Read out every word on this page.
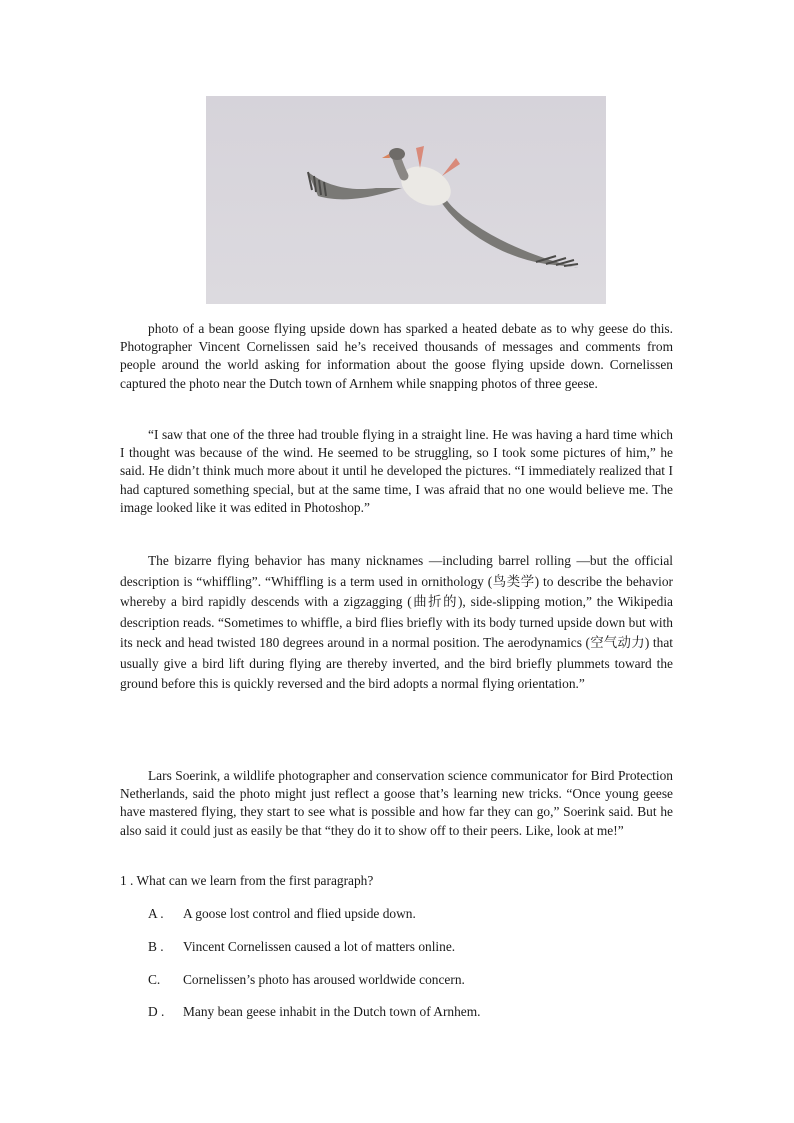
photo of a bean goose flying upside down has sparked a heated debate as to why geese do this. Photographer Vincent Cornelissen said he’s received thousands of messages and comments from people around the world asking for information about the goose flying upside down. Cornelissen captured the photo near the Dutch town of Arnhem while snapping photos of three geese.

“I saw that one of the three had trouble flying in a straight line. He was having a hard time which I thought was because of the wind. He seemed to be struggling, so I took some pictures of him,” he said. He didn’t think much more about it until he developed the pictures. “I immediately realized that I had captured something special, but at the same time, I was afraid that no one would believe me. The image looked like it was edited in Photoshop.”

The bizarre flying behavior has many nicknames —including barrel rolling —but the official description is “whiffling”. “Whiffling is a term used in ornithology (鸟类学) to describe the behavior whereby a bird rapidly descends with a zigzagging (曲折的), side-slipping motion,” the Wikipedia description reads. “Sometimes to whiffle, a bird flies briefly with its body turned upside down but with its neck and head twisted 180 degrees around in a normal position. The aerodynamics (空气动力) that usually give a bird lift during flying are thereby inverted, and the bird briefly plummets toward the ground before this is quickly reversed and the bird adopts a normal flying orientation.”

Lars Soerink, a wildlife photographer and conservation science communicator for Bird Protection Netherlands, said the photo might just reflect a goose that’s learning new tricks. “Once young geese have mastered flying, they start to see what is possible and how far they can go,” Soerink said. But he also said it could just as easily be that “they do it to show off to their peers. Like, look at me!”

1 . What can we learn from the first paragraph?

A . A goose lost control and flied upside down.

B . Vincent Cornelissen caused a lot of matters online.

C. Cornelissen’s photo has aroused worldwide concern.

D . Many bean geese inhabit in the Dutch town of Arnhem.
